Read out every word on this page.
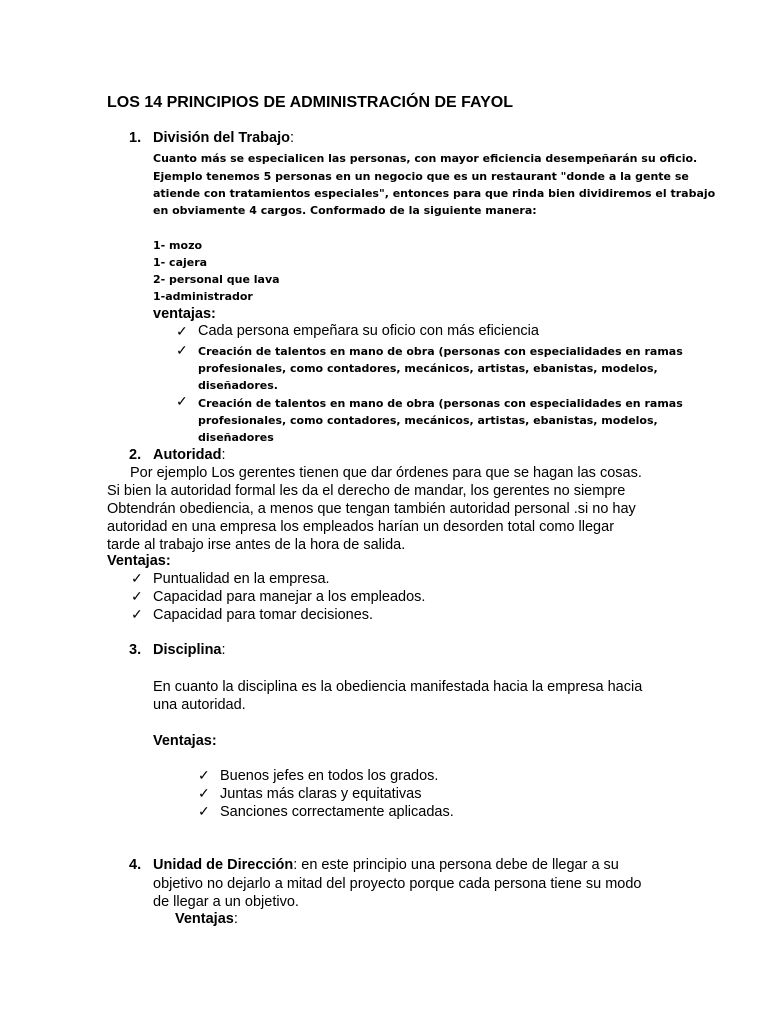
LOS 14 PRINCIPIOS DE ADMINISTRACIÓN DE FAYOL
1. División del Trabajo:
Cuanto más se especialicen las personas, con mayor eficiencia desempeñarán su oficio.
Ejemplo tenemos 5 personas en un negocio que es un restaurant "donde a la gente se
atiende con tratamientos especiales", entonces para que rinda bien dividiremos el trabajo
en obviamente 4 cargos. Conformado de la siguiente manera:
1- mozo
1- cajera
2- personal que lava
1-administrador
ventajas:
✓ Cada persona empeñara su oficio con más eficiencia
✓ Creación de talentos en mano de obra (personas con especialidades en ramas
profesionales, como contadores, mecánicos, artistas, ebanistas, modelos,
diseñadores.
✓ Creación de talentos en mano de obra (personas con especialidades en ramas
profesionales, como contadores, mecánicos, artistas, ebanistas, modelos,
diseñadores
2. Autoridad:
Por ejemplo Los gerentes tienen que dar órdenes para que se hagan las cosas.
Si bien la autoridad formal les da el derecho de mandar, los gerentes no siempre
Obtendrán obediencia, a menos que tengan también autoridad personal .si no hay
autoridad en una empresa los empleados harían un desorden total como llegar
tarde al trabajo irse antes de la hora de salida.
Ventajas:
✓ Puntualidad en la empresa.
✓ Capacidad para manejar a los empleados.
✓ Capacidad para tomar decisiones.
3. Disciplina:
En cuanto la disciplina es la obediencia manifestada hacia la empresa hacia
una autoridad.
Ventajas:
✓ Buenos jefes en todos los grados.
✓ Juntas más claras y equitativas
✓ Sanciones correctamente aplicadas.
4. Unidad de Dirección: en este principio una persona debe de llegar a su
objetivo no dejarlo a mitad del proyecto porque cada persona tiene su modo
de llegar a un objetivo.
Ventajas:
